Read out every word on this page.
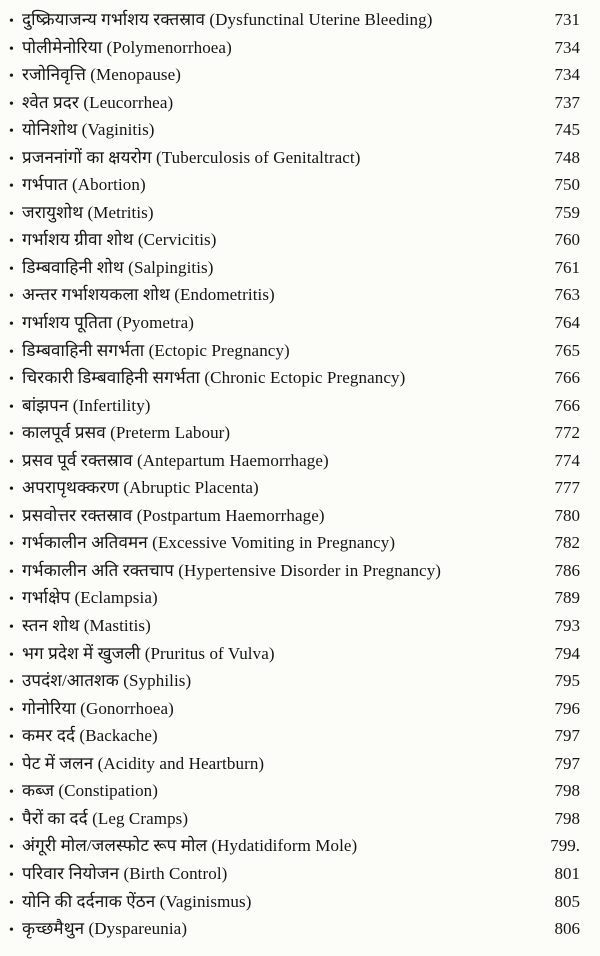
• दुष्क्रियाजन्य गर्भाशय रक्तस्राव (Dysfunctinal Uterine Bleeding)	731
• पोलीमेनोरिया (Polymenorrhoea)	734
• रजोनिवृत्ति (Menopause)	734
• श्वेत प्रदर (Leucorrhea)	737
• योनिशोथ (Vaginitis)	745
• प्रजननांगों का क्षयरोग (Tuberculosis of Genitaltract)	748
• गर्भपात (Abortion)	750
• जरायुशोथ (Metritis)	759
• गर्भाशय ग्रीवा शोथ (Cervicitis)	760
• डिम्बवाहिनी शोथ (Salpingitis)	761
• अन्तर गर्भाशयकला शोथ (Endometritis)	763
• गर्भाशय पूतिता (Pyometra)	764
• डिम्बवाहिनी सगर्भता (Ectopic Pregnancy)	765
• चिरकारी डिम्बवाहिनी सगर्भता (Chronic Ectopic Pregnancy)	766
• बांझपन (Infertility)	766
• कालपूर्व प्रसव (Preterm Labour)	772
• प्रसव पूर्व रक्तस्राव (Antepartum Haemorrhage)	774
• अपरापृथक्करण (Abruptic Placenta)	777
• प्रसवोत्तर रक्तस्राव (Postpartum Haemorrhage)	780
• गर्भकालीन अतिवमन (Excessive Vomiting in Pregnancy)	782
• गर्भकालीन अति रक्तचाप (Hypertensive Disorder in Pregnancy)	786
• गर्भाक्षेप (Eclampsia)	789
• स्तन शोथ (Mastitis)	793
• भग प्रदेश में खुजली (Pruritus of Vulva)	794
• उपदंश/आतशक (Syphilis)	795
• गोनोरिया (Gonorrhoea)	796
• कमर दर्द (Backache)	797
• पेट में जलन (Acidity and Heartburn)	797
• कब्ज (Constipation)	798
• पैरों का दर्द (Leg Cramps)	798
• अंगूरी मोल/जलस्फोट रूप मोल (Hydatidiform Mole)	799.
• परिवार नियोजन (Birth Control)	801
• योनि की दर्दनाक ऐंठन (Vaginismus)	805
• कृच्छमैथुन (Dyspareunia)	806
